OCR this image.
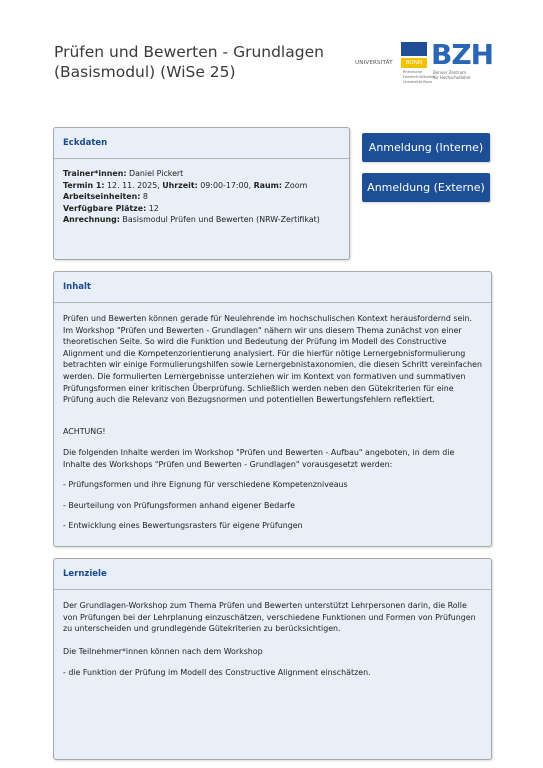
Prüfen und Bewerten - Grundlagen (Basismodul) (WiSe 25)	UNIVERSITÄT	BONN
Rheinische
Friedrich-Wilhelms-
Universität Bonn
BZH
Bonner Zentrum
für Hochschullehre
Eckdaten

Trainer*innen: Daniel Pickert

Termin 1: 12. 11. 2025, Uhrzeit: 09:00-17:00, Raum: Zoom

Arbeitseinheiten: 8

Verfügbare Plätze: 12

Anrechnung: Basismodul Prüfen und Bewerten (NRW-Zertifikat)

Anmeldung (Interne)
Anmeldung (Externe)
Inhalt

Prüfen und Bewerten können gerade für Neulehrende im hochschulischen Kontext herausfordernd sein. Im Workshop "Prüfen und Bewerten - Grundlagen" nähern wir uns diesem Thema zunächst von einer theoretischen Seite. So wird die Funktion und Bedeutung der Prüfung im Modell des Constructive Alignment und die Kompetenzorientierung analysiert. Für die hierfür nötige Lernergebnisformulierung betrachten wir einige Formulierungshilfen sowie Lernergebnistaxonomien, die diesen Schritt vereinfachen werden. Die formulierten Lernergebnisse unterziehen wir im Kontext von formativen und summativen Prüfungsformen einer kritischen Überprüfung. Schließlich werden neben den Gütekriterien für eine Prüfung auch die Relevanz von Bezugsnormen und potentiellen Bewertungsfehlern reflektiert.

ACHTUNG!

Die folgenden Inhalte werden im Workshop "Prüfen und Bewerten - Aufbau" angeboten, in dem die Inhalte des Workshops "Prüfen und Bewerten - Grundlagen" vorausgesetzt werden:

- Prüfungsformen und ihre Eignung für verschiedene Kompetenzniveaus

- Beurteilung von Prüfungsformen anhand eigener Bedarfe

- Entwicklung eines Bewertungsrasters für eigene Prüfungen

Lernziele

Der Grundlagen-Workshop zum Thema Prüfen und Bewerten unterstützt Lehrpersonen darin, die Rolle von Prüfungen bei der Lehrplanung einzuschätzen, verschiedene Funktionen und Formen von Prüfungen zu unterscheiden und grundlegende Gütekriterien zu berücksichtigen.

Die Teilnehmer*innen können nach dem Workshop

- die Funktion der Prüfung im Modell des Constructive Alignment einschätzen.
